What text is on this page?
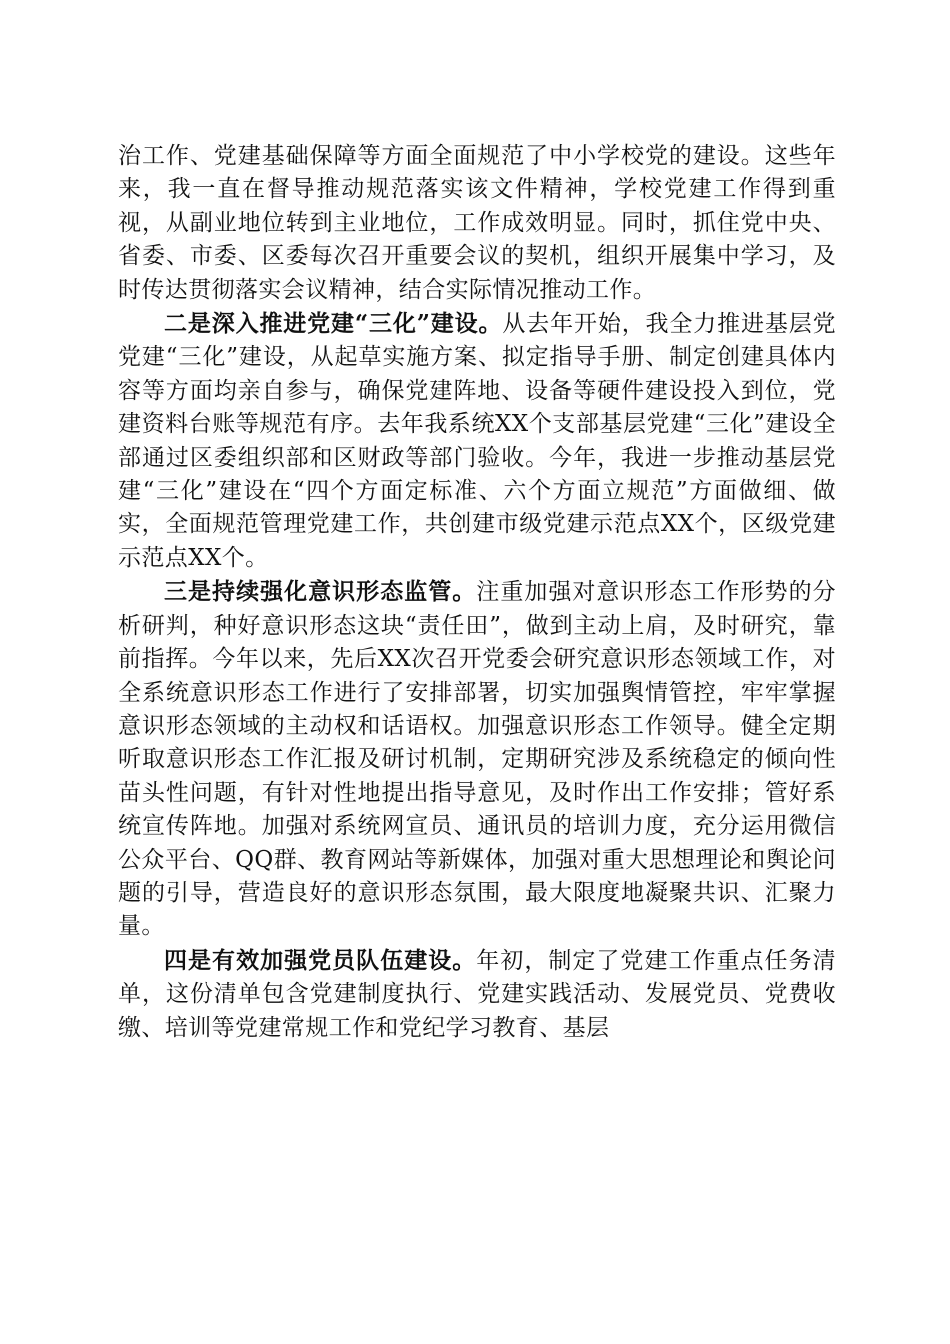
治工作、党建基础保障等方面全面规范了中小学校党的建设。这些年来，我一直在督导推动规范落实该文件精神，学校党建工作得到重视，从副业地位转到主业地位，工作成效明显。同时，抓住党中央、省委、市委、区委每次召开重要会议的契机，组织开展集中学习，及时传达贯彻落实会议精神，结合实际情况推动工作。

二是深入推进党建“三化”建设。从去年开始，我全力推进基层党党建“三化”建设，从起草实施方案、拟定指导手册、制定创建具体内容等方面均亲自参与，确保党建阵地、设备等硬件建设投入到位，党建资料台账等规范有序。去年我系统XX个支部基层党建“三化”建设全部通过区委组织部和区财政等部门验收。今年，我进一步推动基层党建“三化”建设在“四个方面定标准、六个方面立规范”方面做细、做实，全面规范管理党建工作，共创建市级党建示范点XX个，区级党建示范点XX个。

三是持续强化意识形态监管。注重加强对意识形态工作形势的分析研判，种好意识形态这块“责任田”，做到主动上肩，及时研究，靠前指挥。今年以来，先后XX次召开党委会研究意识形态领域工作，对全系统意识形态工作进行了安排部署，切实加强舆情管控，牢牢掌握意识形态领域的主动权和话语权。加强意识形态工作领导。健全定期听取意识形态工作汇报及研讨机制，定期研究涉及系统稳定的倾向性苗头性问题，有针对性地提出指导意见，及时作出工作安排；管好系统宣传阵地。加强对系统网宣员、通讯员的培训力度，充分运用微信公众平台、QQ群、教育网站等新媒体，加强对重大思想理论和舆论问题的引导，营造良好的意识形态氛围，最大限度地凝聚共识、汇聚力量。

四是有效加强党员队伍建设。年初，制定了党建工作重点任务清单，这份清单包含党建制度执行、党建实践活动、发展党员、党费收缴、培训等党建常规工作和党纪学习教育、基层
